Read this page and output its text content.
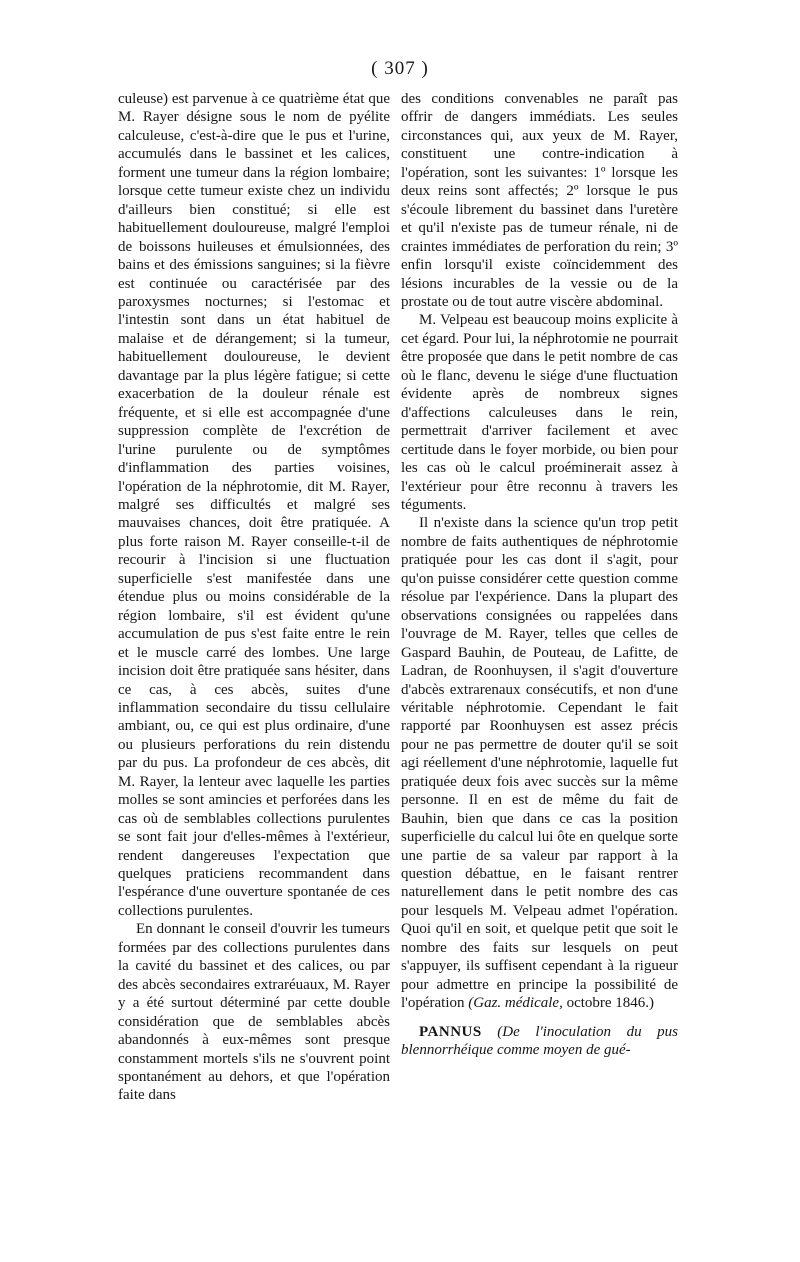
( 307 )

culeuse) est parvenue à ce quatrième état que M. Rayer désigne sous le nom de pyélite calculeuse, c'est-à-dire que le pus et l'urine, accumulés dans le bassinet et les calices, forment une tumeur dans la région lombaire; lorsque cette tumeur existe chez un individu d'ailleurs bien constitué; si elle est habituellement douloureuse, malgré l'emploi de boissons huileuses et émulsionnées, des bains et des émissions sanguines; si la fièvre est continuée ou caractérisée par des paroxysmes nocturnes; si l'estomac et l'intestin sont dans un état habituel de malaise et de dérangement; si la tumeur, habituellement douloureuse, le devient davantage par la plus légère fatigue; si cette exacerbation de la douleur rénale est fréquente, et si elle est accompagnée d'une suppression complète de l'excrétion de l'urine purulente ou de symptômes d'inflammation des parties voisines, l'opération de la néphrotomie, dit M. Rayer, malgré ses difficultés et malgré ses mauvaises chances, doit être pratiquée. A plus forte raison M. Rayer conseille-t-il de recourir à l'incision si une fluctuation superficielle s'est manifestée dans une étendue plus ou moins considérable de la région lombaire, s'il est évident qu'une accumulation de pus s'est faite entre le rein et le muscle carré des lombes. Une large incision doit être pratiquée sans hésiter, dans ce cas, à ces abcès, suites d'une inflammation secondaire du tissu cellulaire ambiant, ou, ce qui est plus ordinaire, d'une ou plusieurs perforations du rein distendu par du pus. La profondeur de ces abcès, dit M. Rayer, la lenteur avec laquelle les parties molles se sont amincies et perforées dans les cas où de semblables collections purulentes se sont fait jour d'elles-mêmes à l'extérieur, rendent dangereuses l'expectation que quelques praticiens recommandent dans l'espérance d'une ouverture spontanée de ces collections purulentes.

En donnant le conseil d'ouvrir les tumeurs formées par des collections purulentes dans la cavité du bassinet et des calices, ou par des abcès secondaires extraréuaux, M. Rayer y a été surtout déterminé par cette double considération que de semblables abcès abandonnés à eux-mêmes sont presque constamment mortels s'ils ne s'ouvrent point spontanément au dehors, et que l'opération faite dans

des conditions convenables ne paraît pas offrir de dangers immédiats. Les seules circonstances qui, aux yeux de M. Rayer, constituent une contre-indication à l'opération, sont les suivantes: 1º lorsque les deux reins sont affectés; 2º lorsque le pus s'écoule librement du bassinet dans l'uretère et qu'il n'existe pas de tumeur rénale, ni de craintes immédiates de perforation du rein; 3º enfin lorsqu'il existe coïncidemment des lésions incurables de la vessie ou de la prostate ou de tout autre viscère abdominal.

M. Velpeau est beaucoup moins explicite à cet égard. Pour lui, la néphrotomie ne pourrait être proposée que dans le petit nombre de cas où le flanc, devenu le siége d'une fluctuation évidente après de nombreux signes d'affections calculeuses dans le rein, permettrait d'arriver facilement et avec certitude dans le foyer morbide, ou bien pour les cas où le calcul proéminerait assez à l'extérieur pour être reconnu à travers les téguments.

Il n'existe dans la science qu'un trop petit nombre de faits authentiques de néphrotomie pratiquée pour les cas dont il s'agit, pour qu'on puisse considérer cette question comme résolue par l'expérience. Dans la plupart des observations consignées ou rappelées dans l'ouvrage de M. Rayer, telles que celles de Gaspard Bauhin, de Pouteau, de Lafitte, de Ladran, de Roonhuysen, il s'agit d'ouverture d'abcès extrarenaux consécutifs, et non d'une véritable néphrotomie. Cependant le fait rapporté par Roonhuysen est assez précis pour ne pas permettre de douter qu'il se soit agi réellement d'une néphrotomie, laquelle fut pratiquée deux fois avec succès sur la même personne. Il en est de même du fait de Bauhin, bien que dans ce cas la position superficielle du calcul lui ôte en quelque sorte une partie de sa valeur par rapport à la question débattue, en le faisant rentrer naturellement dans le petit nombre des cas pour lesquels M. Velpeau admet l'opération. Quoi qu'il en soit, et quelque petit que soit le nombre des faits sur lesquels on peut s'appuyer, ils suffisent cependant à la rigueur pour admettre en principe la possibilité de l'opération (Gaz. médicale, octobre 1846.)

PANNUS (De l'inoculation du pus blennorrhéique comme moyen de gué-
